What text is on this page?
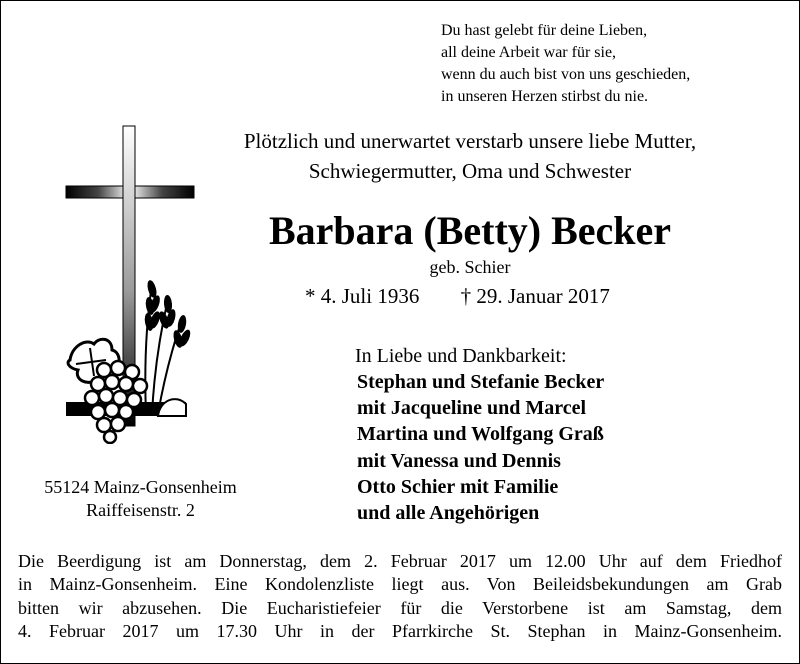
Du hast gelebt für deine Lieben,
all deine Arbeit war für sie,
wenn du auch bist von uns geschieden,
in unseren Herzen stirbst du nie.
Plötzlich und unerwartet verstarb unsere liebe Mutter,
Schwiegermutter, Oma und Schwester
Barbara (Betty) Becker
geb. Schier
* 4. Juli 1936 † 29. Januar 2017
In Liebe und Dankbarkeit:
Stephan und Stefanie Becker
mit Jacqueline und Marcel
Martina und Wolfgang Graß
mit Vanessa und Dennis
Otto Schier mit Familie
und alle Angehörigen
55124 Mainz-Gonsenheim
Raiffeisenstr. 2
Die Beerdigung ist am Donnerstag, dem 2. Februar 2017 um 12.00 Uhr auf dem Friedhof
in Mainz-Gonsenheim. Eine Kondolenzliste liegt aus. Von Beileidsbekundungen am Grab
bitten wir abzusehen. Die Eucharistiefeier für die Verstorbene ist am Samstag, dem
4. Februar 2017 um 17.30 Uhr in der Pfarrkirche St. Stephan in Mainz-Gonsenheim.
